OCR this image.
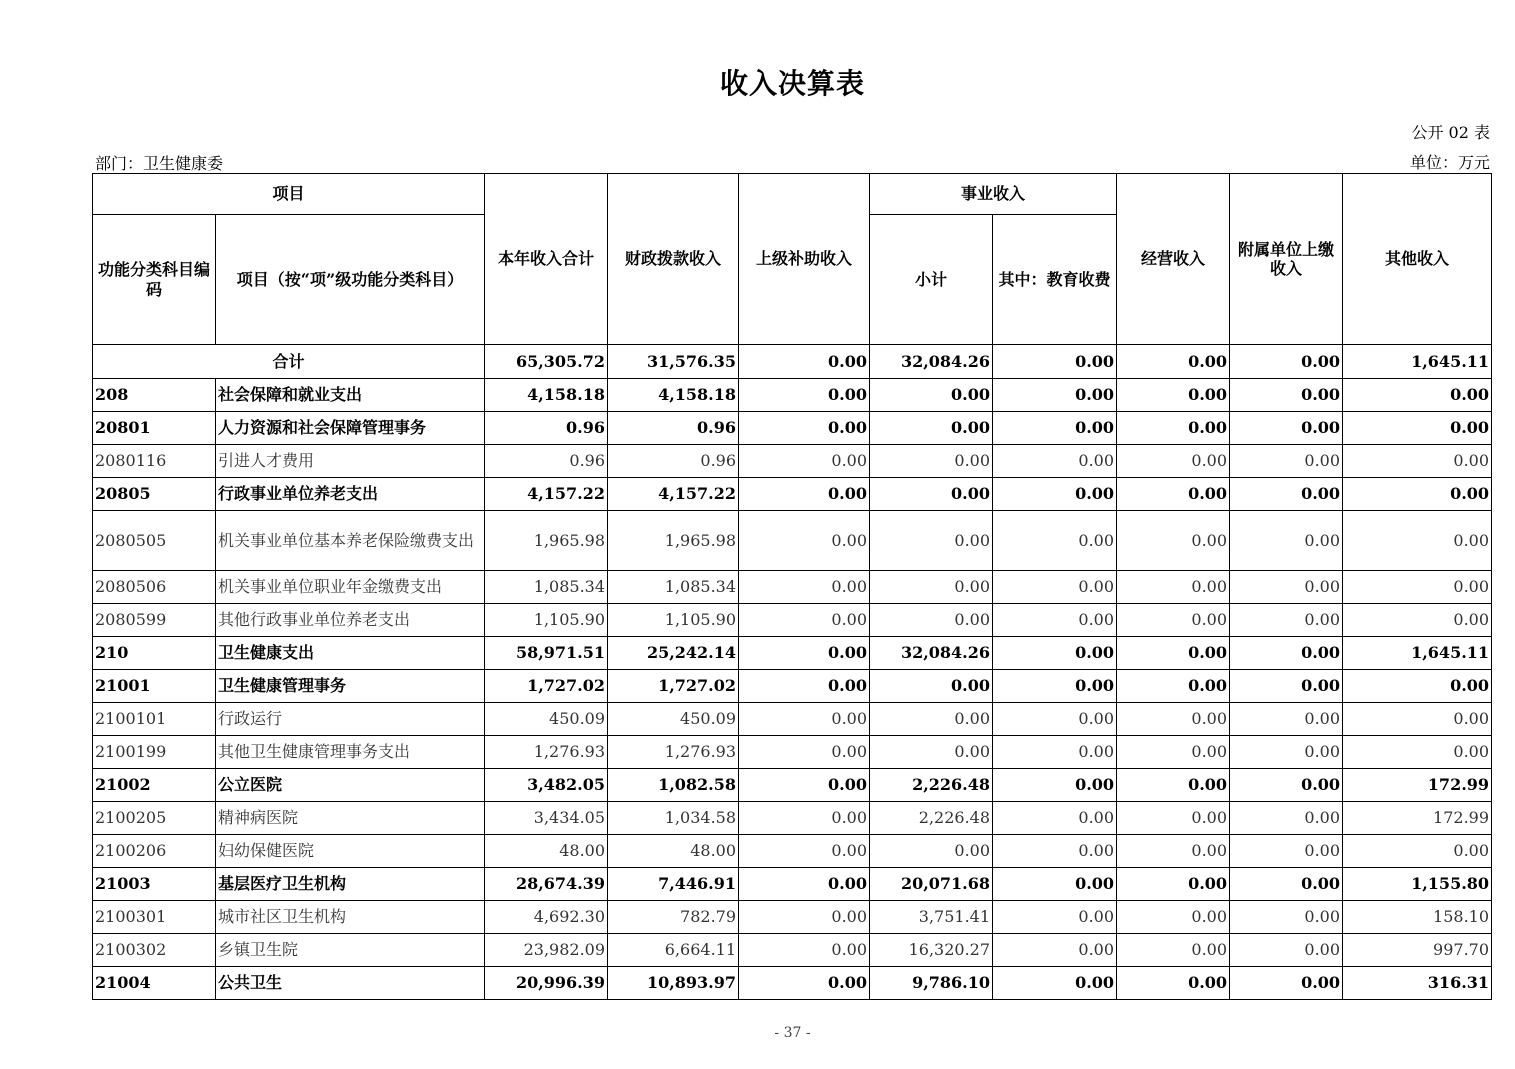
收入决算表
公开 02 表
部门：卫生健康委	单位：万元
项目		本年收入合计	财政拨款收入	上级补助收入	事业收入		经营收入	附属单位上缴收入	其他收入
功能分类科目编码	项目（按“项”级功能分类科目）				小计	其中：教育收费			
合计		65,305.72	31,576.35	0.00	32,084.26	0.00	0.00	0.00	1,645.11
208	社会保障和就业支出	4,158.18	4,158.18	0.00	0.00	0.00	0.00	0.00	0.00
20801	人力资源和社会保障管理事务	0.96	0.96	0.00	0.00	0.00	0.00	0.00	0.00
2080116	引进人才费用	0.96	0.96	0.00	0.00	0.00	0.00	0.00	0.00
20805	行政事业单位养老支出	4,157.22	4,157.22	0.00	0.00	0.00	0.00	0.00	0.00
2080505	机关事业单位基本养老保险缴费支出	1,965.98	1,965.98	0.00	0.00	0.00	0.00	0.00	0.00
2080506	机关事业单位职业年金缴费支出	1,085.34	1,085.34	0.00	0.00	0.00	0.00	0.00	0.00
2080599	其他行政事业单位养老支出	1,105.90	1,105.90	0.00	0.00	0.00	0.00	0.00	0.00
210	卫生健康支出	58,971.51	25,242.14	0.00	32,084.26	0.00	0.00	0.00	1,645.11
21001	卫生健康管理事务	1,727.02	1,727.02	0.00	0.00	0.00	0.00	0.00	0.00
2100101	行政运行	450.09	450.09	0.00	0.00	0.00	0.00	0.00	0.00
2100199	其他卫生健康管理事务支出	1,276.93	1,276.93	0.00	0.00	0.00	0.00	0.00	0.00
21002	公立医院	3,482.05	1,082.58	0.00	2,226.48	0.00	0.00	0.00	172.99
2100205	精神病医院	3,434.05	1,034.58	0.00	2,226.48	0.00	0.00	0.00	172.99
2100206	妇幼保健医院	48.00	48.00	0.00	0.00	0.00	0.00	0.00	0.00
21003	基层医疗卫生机构	28,674.39	7,446.91	0.00	20,071.68	0.00	0.00	0.00	1,155.80
2100301	城市社区卫生机构	4,692.30	782.79	0.00	3,751.41	0.00	0.00	0.00	158.10
2100302	乡镇卫生院	23,982.09	6,664.11	0.00	16,320.27	0.00	0.00	0.00	997.70
21004	公共卫生	20,996.39	10,893.97	0.00	9,786.10	0.00	0.00	0.00	316.31
- 37 -
